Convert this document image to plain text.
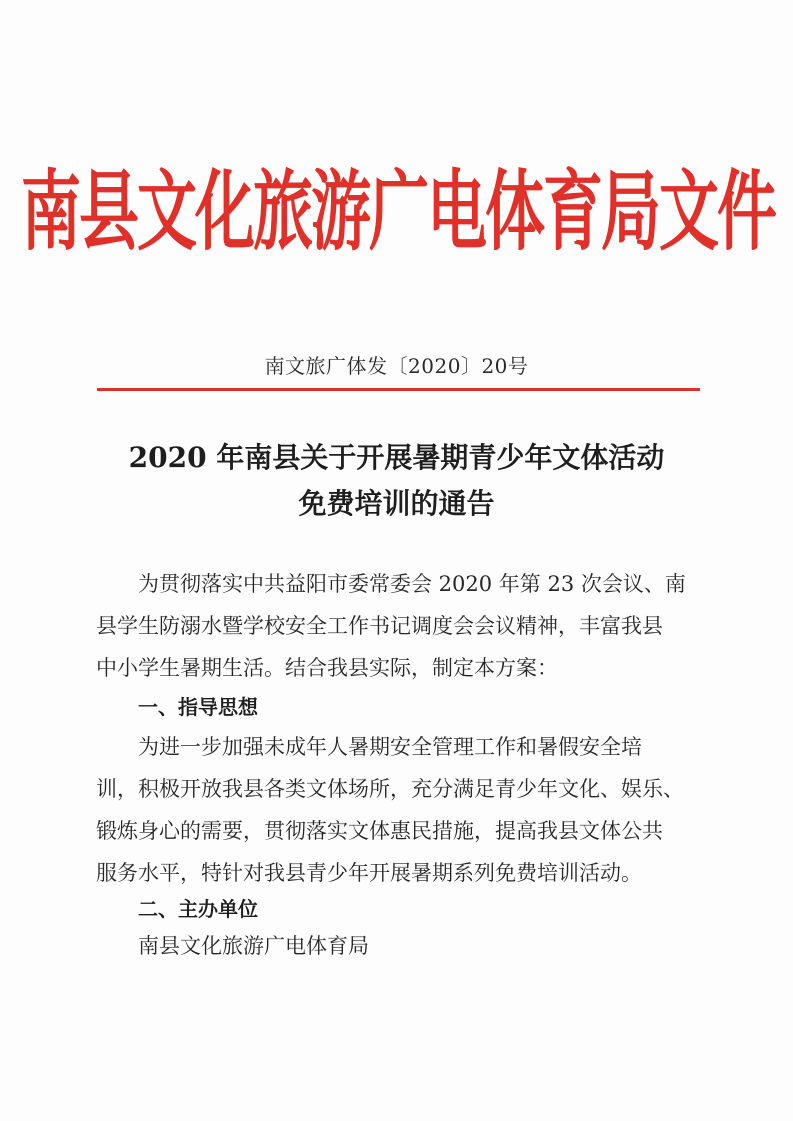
南县文化旅游广电体育局文件
南文旅广体发〔2020〕20号
2020 年南县关于开展暑期青少年文体活动
免费培训的通告
为贯彻落实中共益阳市委常委会 2020 年第 23 次会议、南
县学生防溺水暨学校安全工作书记调度会会议精神，丰富我县
中小学生暑期生活。结合我县实际，制定本方案：
一、指导思想
为进一步加强未成年人暑期安全管理工作和暑假安全培
训，积极开放我县各类文体场所，充分满足青少年文化、娱乐、
锻炼身心的需要，贯彻落实文体惠民措施，提高我县文体公共
服务水平，特针对我县青少年开展暑期系列免费培训活动。
二、主办单位
南县文化旅游广电体育局
